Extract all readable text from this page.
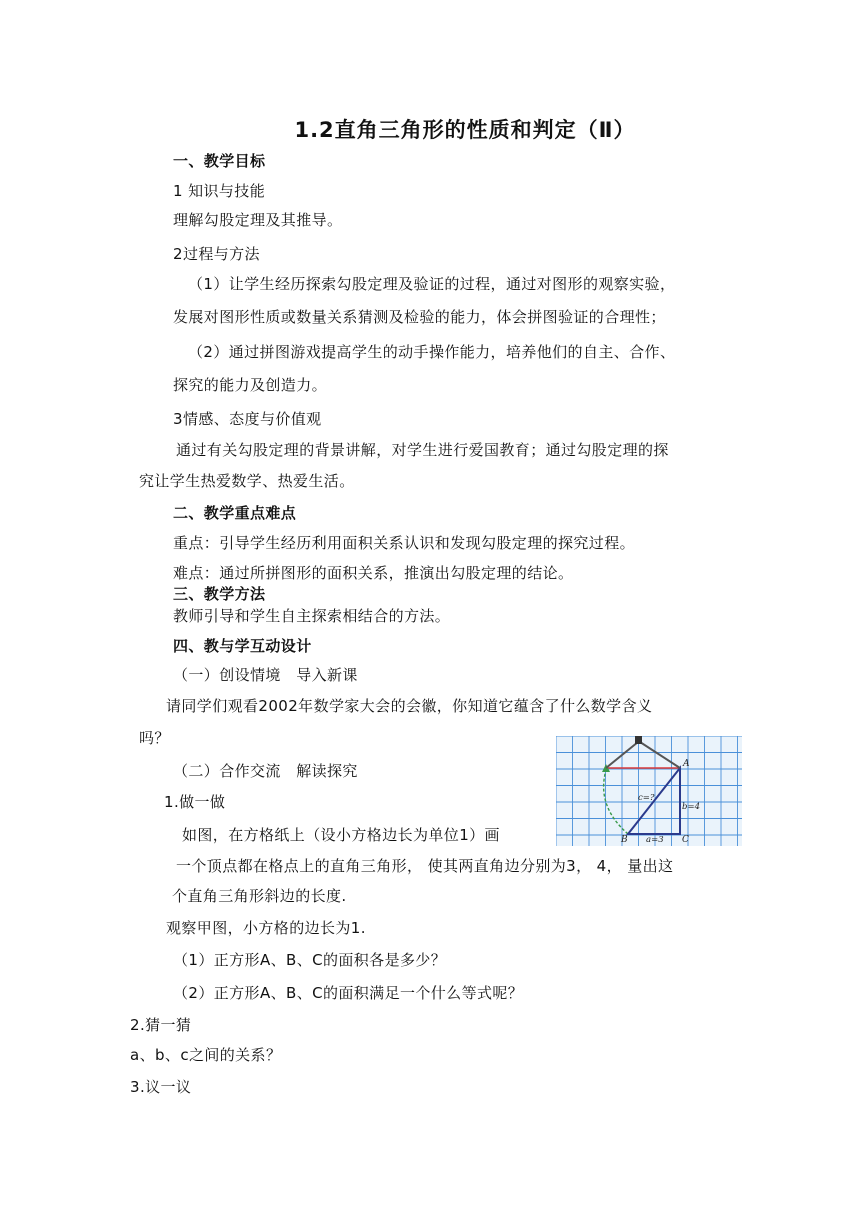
1.2直角三角形的性质和判定（Ⅱ）
一、教学目标
1 知识与技能
理解勾股定理及其推导。
2过程与方法
（1）让学生经历探索勾股定理及验证的过程，通过对图形的观察实验，
发展对图形性质或数量关系猜测及检验的能力，体会拼图验证的合理性；
（2）通过拼图游戏提高学生的动手操作能力，培养他们的自主、合作、
探究的能力及创造力。
3情感、态度与价值观
通过有关勾股定理的背景讲解，对学生进行爱国教育；通过勾股定理的探
究让学生热爱数学、热爱生活。
二、教学重点难点
重点：引导学生经历利用面积关系认识和发现勾股定理的探究过程。
难点：通过所拼图形的面积关系，推演出勾股定理的结论。
三、教学方法
教师引导和学生自主探索相结合的方法。
四、教与学互动设计
（一）创设情境　导入新课
请同学们观看2002年数学家大会的会徽，你知道它蕴含了什么数学含义
吗？
（二）合作交流　解读探究
1.做一做
如图，在方格纸上（设小方格边长为单位1）画
一个顶点都在格点上的直角三角形， 使其两直角边分别为3， 4， 量出这
个直角三角形斜边的长度.
观察甲图，小方格的边长为1.
（1）正方形A、B、C的面积各是多少？
（2）正方形A、B、C的面积满足一个什么等式呢？
2.猜一猜
a、b、c之间的关系？
3.议一议
A
B	C
c=?
b=4
a=3
